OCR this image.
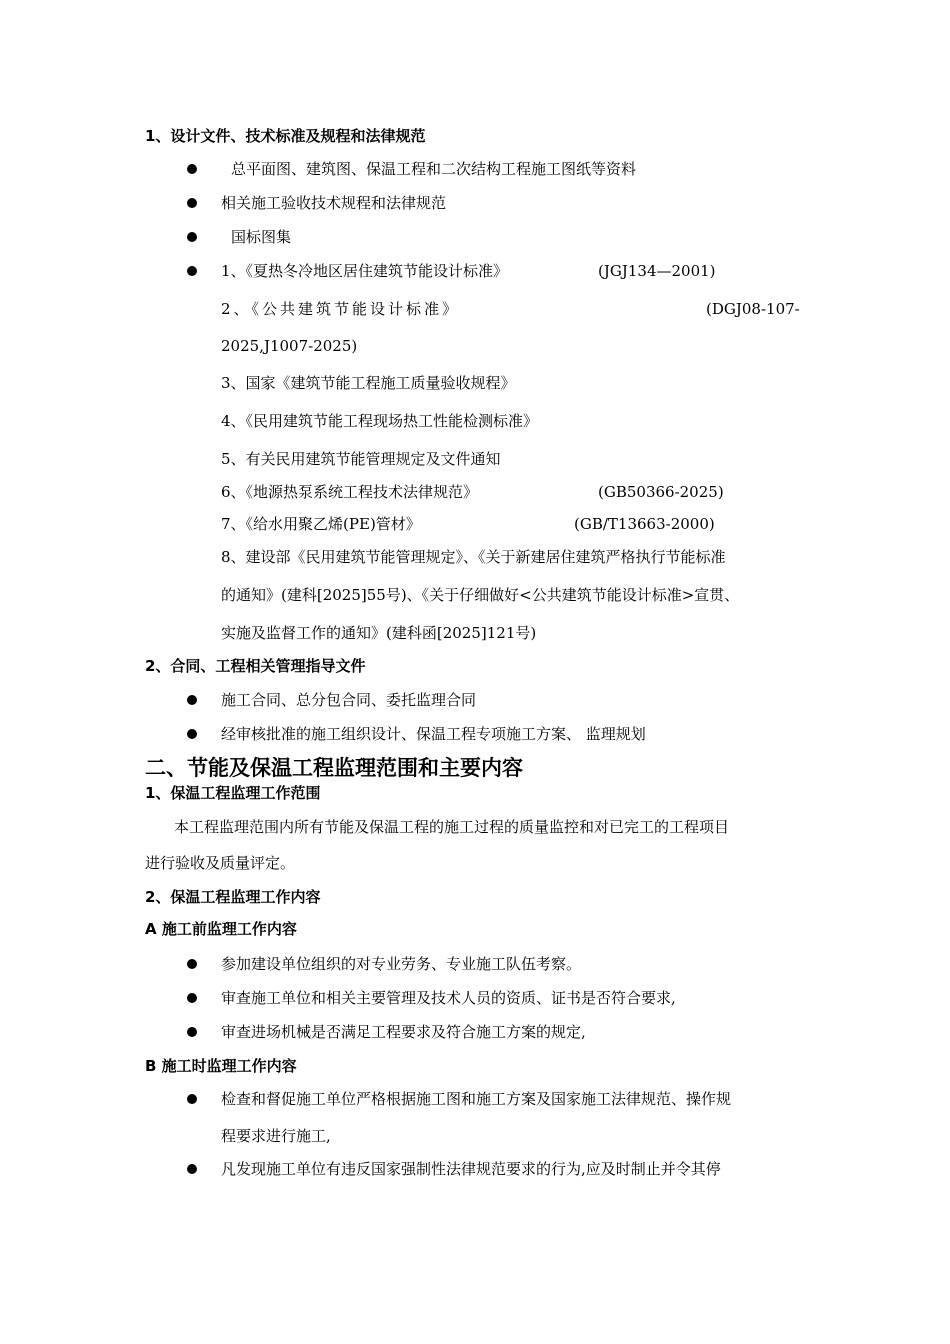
1、设计文件、技术标准及规程和法律规范
总平面图、建筑图、保温工程和二次结构工程施工图纸等资料
相关施工验收技术规程和法律规范
国标图集
1、《夏热冬冷地区居住建筑节能设计标准》	(JGJ134—2001)
2、《公共建筑节能设计标准》	(DGJ08-107-
2025,J1007-2025)
3、国家《建筑节能工程施工质量验收规程》
4、《民用建筑节能工程现场热工性能检测标准》
5、有关民用建筑节能管理规定及文件通知
6、《地源热泵系统工程技术法律规范》	(GB50366-2025)
7、《给水用聚乙烯(PE)管材》	(GB/T13663-2000)
8、建设部《民用建筑节能管理规定》、《关于新建居住建筑严格执行节能标准
的通知》(建科[2025]55号)、《关于仔细做好<公共建筑节能设计标准>宣贯、
实施及监督工作的通知》(建科函[2025]121号)
2、合同、工程相关管理指导文件
施工合同、总分包合同、委托监理合同
经审核批准的施工组织设计、保温工程专项施工方案、 监理规划
二、节能及保温工程监理范围和主要内容
1、保温工程监理工作范围
本工程监理范围内所有节能及保温工程的施工过程的质量监控和对已完工的工程项目
进行验收及质量评定。
2、保温工程监理工作内容
A 施工前监理工作内容
参加建设单位组织的对专业劳务、专业施工队伍考察。
审查施工单位和相关主要管理及技术人员的资质、证书是否符合要求,
审查进场机械是否满足工程要求及符合施工方案的规定,
B 施工时监理工作内容
检查和督促施工单位严格根据施工图和施工方案及国家施工法律规范、操作规
程要求进行施工,
凡发现施工单位有违反国家强制性法律规范要求的行为,应及时制止并令其停
